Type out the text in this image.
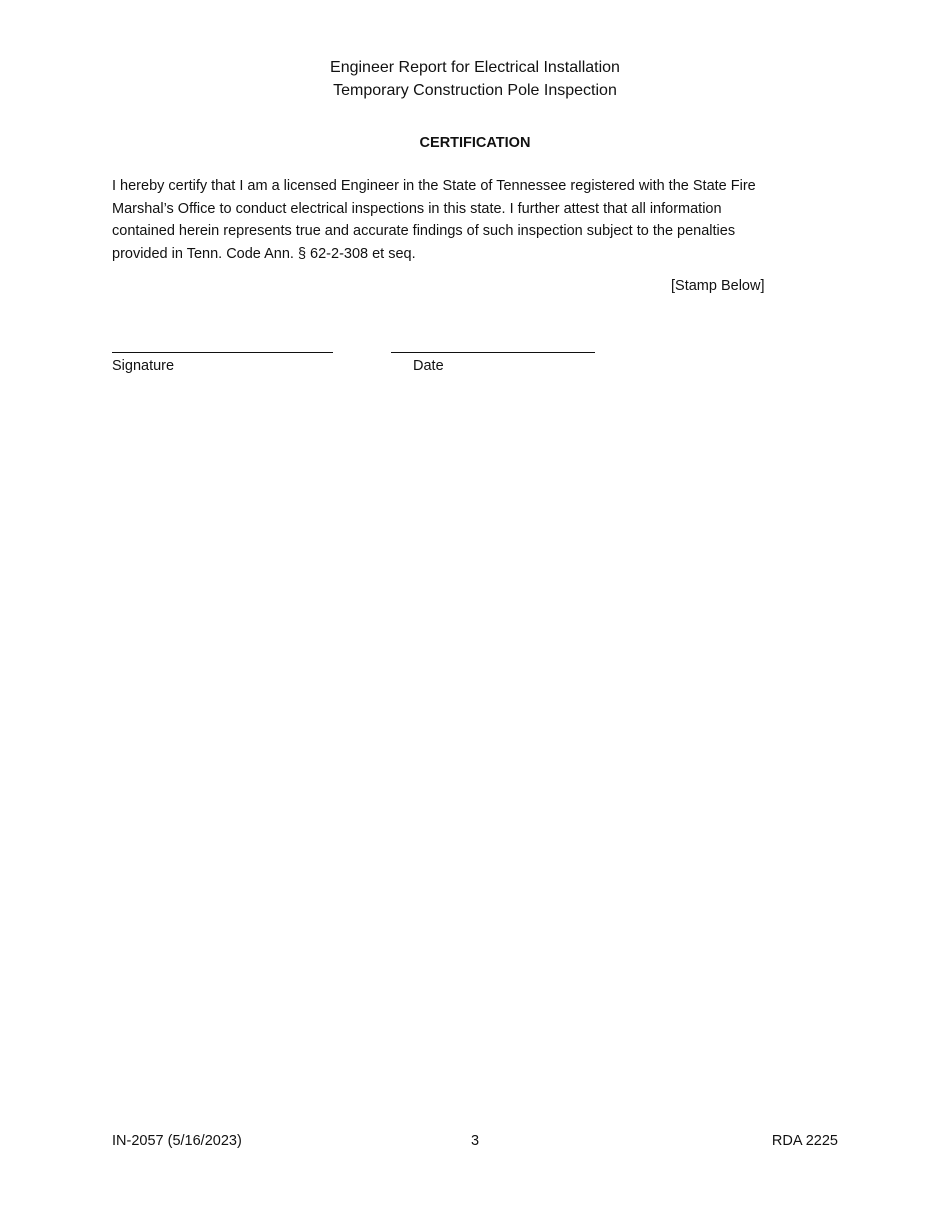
Engineer Report for Electrical Installation
Temporary Construction Pole Inspection
CERTIFICATION
I hereby certify that I am a licensed Engineer in the State of Tennessee registered with the State Fire
Marshal’s Office to conduct electrical inspections in this state. I further attest that all information
contained herein represents true and accurate findings of such inspection subject to the penalties
provided in Tenn. Code Ann. § 62-2-308 et seq.
[Stamp Below]
Signature	Date
IN-2057 (5/16/2023)	3	RDA 2225
